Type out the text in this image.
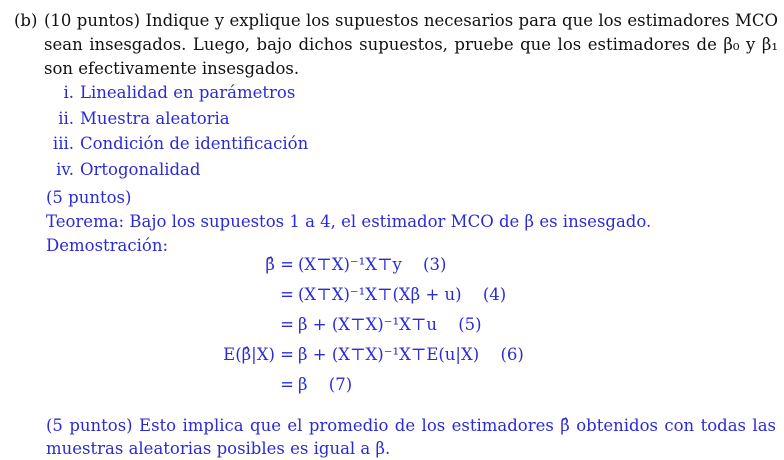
(b) (10 puntos) Indique y explique los supuestos necesarios para que los estimadores MCO sean insesgados. Luego, bajo dichos supuestos, pruebe que los estimadores de β₀ y β₁ son efectivamente insesgados.
i. Linealidad en parámetros
ii. Muestra aleatoria
iii. Condición de identificación
iv. Ortogonalidad
(5 puntos)
Teorema: Bajo los supuestos 1 a 4, el estimador MCO de β es insesgado. Demostración:
β̂ = (X⊤X)⁻¹X⊤y (3)
= (X⊤X)⁻¹X⊤(Xβ + u) (4)
= β + (X⊤X)⁻¹X⊤u (5)
E(β̂|X) = β + (X⊤X)⁻¹X⊤E(u|X) (6)
= β (7)
(5 puntos) Esto implica que el promedio de los estimadores β̂ obtenidos con todas las muestras aleatorias posibles es igual a β.
